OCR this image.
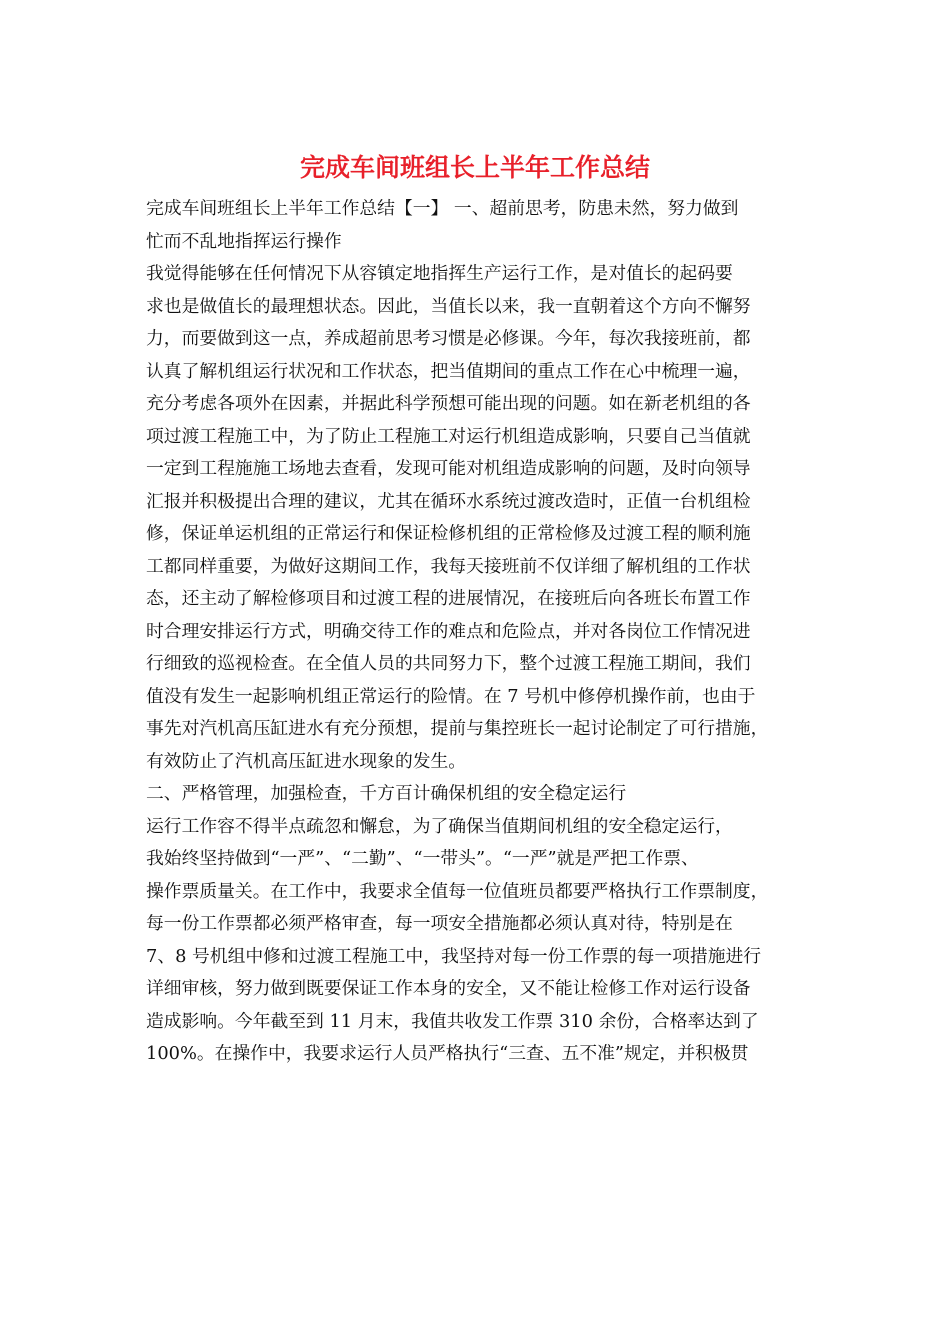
完成车间班组长上半年工作总结
完成车间班组长上半年工作总结【一】 一、超前思考，防患未然，努力做到
忙而不乱地指挥运行操作
我觉得能够在任何情况下从容镇定地指挥生产运行工作，是对值长的起码要
求也是做值长的最理想状态。因此，当值长以来，我一直朝着这个方向不懈努
力，而要做到这一点，养成超前思考习惯是必修课。今年，每次我接班前，都
认真了解机组运行状况和工作状态，把当值期间的重点工作在心中梳理一遍，
充分考虑各项外在因素，并据此科学预想可能出现的问题。如在新老机组的各
项过渡工程施工中，为了防止工程施工对运行机组造成影响，只要自己当值就
一定到工程施施工场地去查看，发现可能对机组造成影响的问题，及时向领导
汇报并积极提出合理的建议，尤其在循环水系统过渡改造时，正值一台机组检
修，保证单运机组的正常运行和保证检修机组的正常检修及过渡工程的顺利施
工都同样重要，为做好这期间工作，我每天接班前不仅详细了解机组的工作状
态，还主动了解检修项目和过渡工程的进展情况，在接班后向各班长布置工作
时合理安排运行方式，明确交待工作的难点和危险点，并对各岗位工作情况进
行细致的巡视检查。在全值人员的共同努力下，整个过渡工程施工期间，我们
值没有发生一起影响机组正常运行的险情。在 7 号机中修停机操作前，也由于
事先对汽机高压缸进水有充分预想，提前与集控班长一起讨论制定了可行措施，
有效防止了汽机高压缸进水现象的发生。
二、严格管理，加强检查，千方百计确保机组的安全稳定运行
运行工作容不得半点疏忽和懈怠，为了确保当值期间机组的安全稳定运行，
我始终坚持做到“一严”、“二勤”、“一带头”。“一严”就是严把工作票、
操作票质量关。在工作中，我要求全值每一位值班员都要严格执行工作票制度，
每一份工作票都必须严格审查，每一项安全措施都必须认真对待，特别是在
7、8 号机组中修和过渡工程施工中，我坚持对每一份工作票的每一项措施进行
详细审核，努力做到既要保证工作本身的安全，又不能让检修工作对运行设备
造成影响。今年截至到 11 月末，我值共收发工作票 310 余份，合格率达到了
100%。在操作中，我要求运行人员严格执行“三查、五不准”规定，并积极贯
